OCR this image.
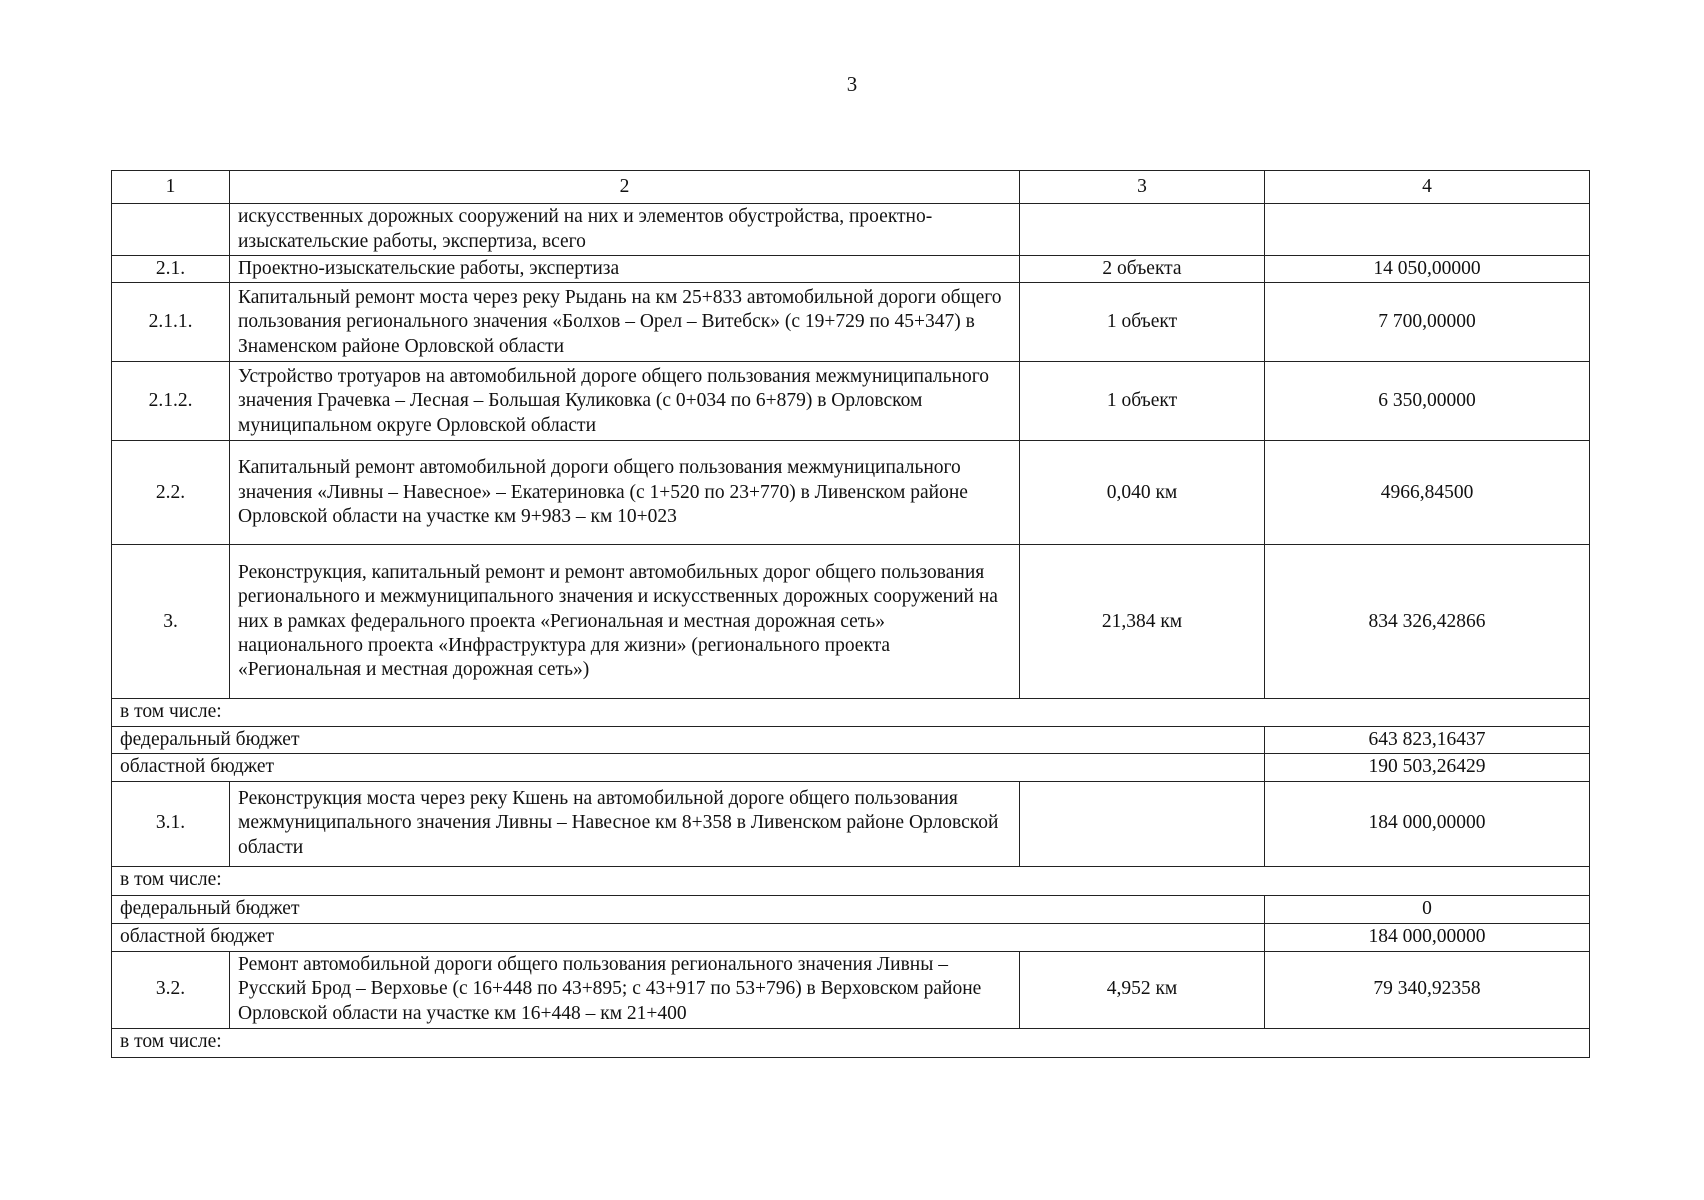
3
1	2	3	4
	искусственных дорожных сооружений на них и элементов обустройства, проектно-изыскательские работы, экспертиза, всего		
2.1.	Проектно-изыскательские работы, экспертиза	2 объекта	14 050,00000
2.1.1.	Капитальный ремонт моста через реку Рыдань на км 25+833 автомобильной дороги общего пользования регионального значения «Болхов – Орел – Витебск» (с 19+729 по 45+347) в Знаменском районе Орловской области	1 объект	7 700,00000
2.1.2.	Устройство тротуаров на автомобильной дороге общего пользования межмуниципального значения Грачевка – Лесная – Большая Куликовка (с 0+034 по 6+879) в Орловском муниципальном округе Орловской области	1 объект	6 350,00000
2.2.	Капитальный ремонт автомобильной дороги общего пользования межмуниципального значения «Ливны – Навесное» – Екатериновка (с 1+520 по 23+770) в Ливенском районе Орловской области на участке км 9+983 – км 10+023	0,040 км	4966,84500
3.	Реконструкция, капитальный ремонт и ремонт автомобильных дорог общего пользования регионального и межмуниципального значения и искусственных дорожных сооружений на них в рамках федерального проекта «Региональная и местная дорожная сеть» национального проекта «Инфраструктура для жизни» (регионального проекта «Региональная и местная дорожная сеть»)	21,384 км	834 326,42866
в том числе:			
федеральный бюджет			643 823,16437
областной бюджет			190 503,26429
3.1.	Реконструкция моста через реку Кшень на автомобильной дороге общего пользования межмуниципального значения Ливны – Навесное км 8+358 в Ливенском районе Орловской области		184 000,00000
в том числе:			
федеральный бюджет			0
областной бюджет			184 000,00000
3.2.	Ремонт автомобильной дороги общего пользования регионального значения Ливны – Русский Брод – Верховье (с 16+448 по 43+895; с 43+917 по 53+796) в Верховском районе Орловской области на участке км 16+448 – км 21+400	4,952 км	79 340,92358
в том числе:			
